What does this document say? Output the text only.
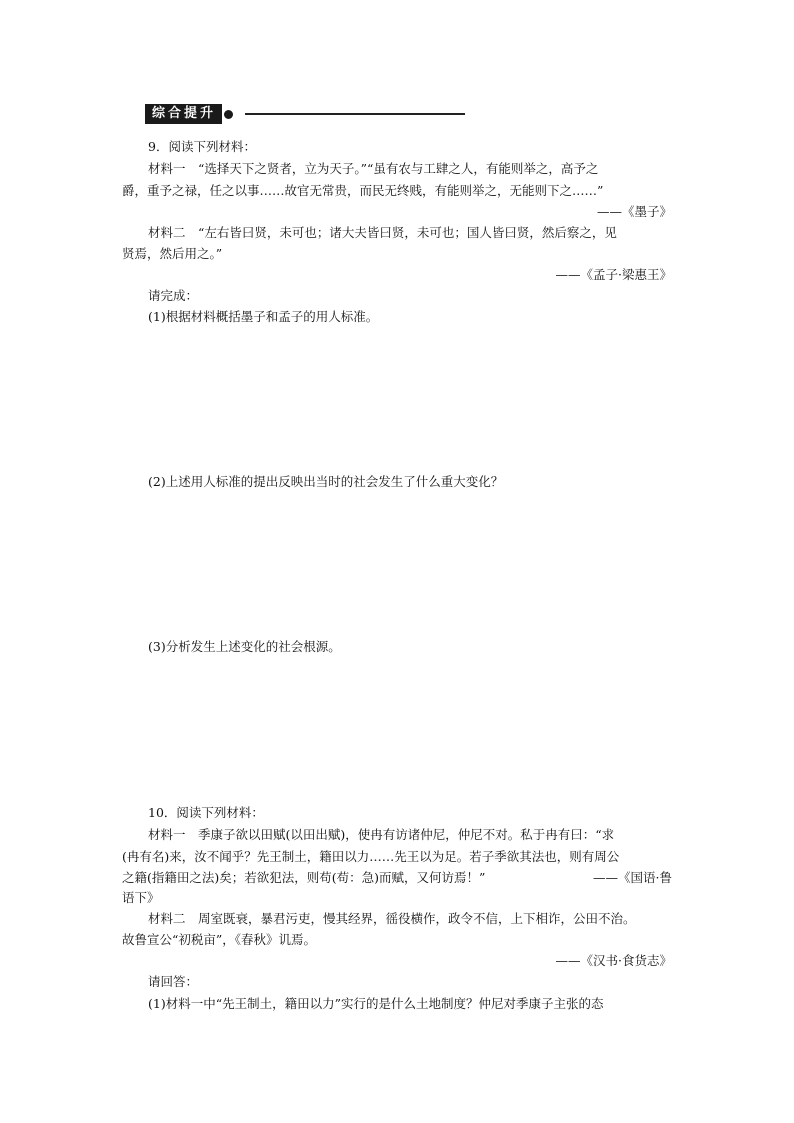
综合提升
9．阅读下列材料：
材料一　“选择天下之贤者，立为天子。”“虽有农与工肆之人，有能则举之，高予之
爵，重予之禄，任之以事……故官无常贵，而民无终贱，有能则举之，无能则下之……”
——《墨子》
材料二　“左右皆曰贤，未可也；诸大夫皆曰贤，未可也；国人皆曰贤，然后察之，见
贤焉，然后用之。”
——《孟子·梁惠王》
请完成：
(1)根据材料概括墨子和孟子的用人标准。
(2)上述用人标准的提出反映出当时的社会发生了什么重大变化？
(3)分析发生上述变化的社会根源。
10．阅读下列材料：
材料一　季康子欲以田赋(以田出赋)，使冉有访诸仲尼，仲尼不对。私于冉有曰：“求
(冉有名)来，汝不闻乎？先王制土，籍田以力……先王以为足。若子季欲其法也，则有周公
之籍(指籍田之法)矣；若欲犯法，则苟(苟：急)而赋，又何访焉！”	——《国语·鲁
语下》
材料二　周室既衰，暴君污吏，慢其经界，徭役横作，政令不信，上下相诈，公田不治。
故鲁宣公“初税亩”，《春秋》讥焉。
——《汉书·食货志》
请回答：
(1)材料一中“先王制土，籍田以力”实行的是什么土地制度？仲尼对季康子主张的态
